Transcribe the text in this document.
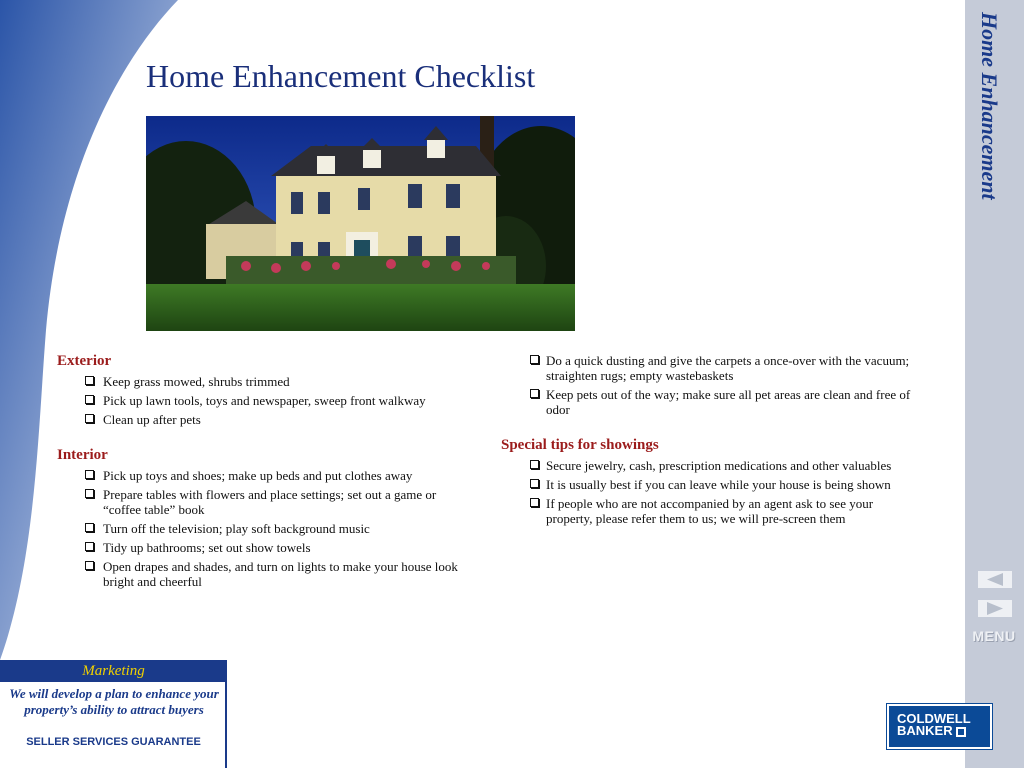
Home Enhancement Checklist
Exterior
Keep grass mowed, shrubs trimmed
Pick up lawn tools, toys and newspaper, sweep front walkway
Clean up after pets
Interior
Pick up toys and shoes; make up beds and put clothes away
Prepare tables with flowers and place settings; set out a game or “coffee table” book
Turn off the television; play soft background music
Tidy up bathrooms; set out show towels
Open drapes and shades, and turn on lights to make your house look bright and cheerful
Do a quick dusting and give the carpets a once-over with the vacuum; straighten rugs; empty wastebaskets
Keep pets out of the way; make sure all pet areas are clean and free of odor
Special tips for showings
Secure jewelry, cash, prescription medications and other valuables
It is usually best if you can leave while your house is being shown
If people who are not accompanied by an agent ask to see your property, please refer them to us; we will pre-screen them
Home Enhancement
MENU
COLDWELL
BANKER
Marketing
We will develop a plan to enhance your property’s ability to attract buyers
SELLER SERVICES GUARANTEE
